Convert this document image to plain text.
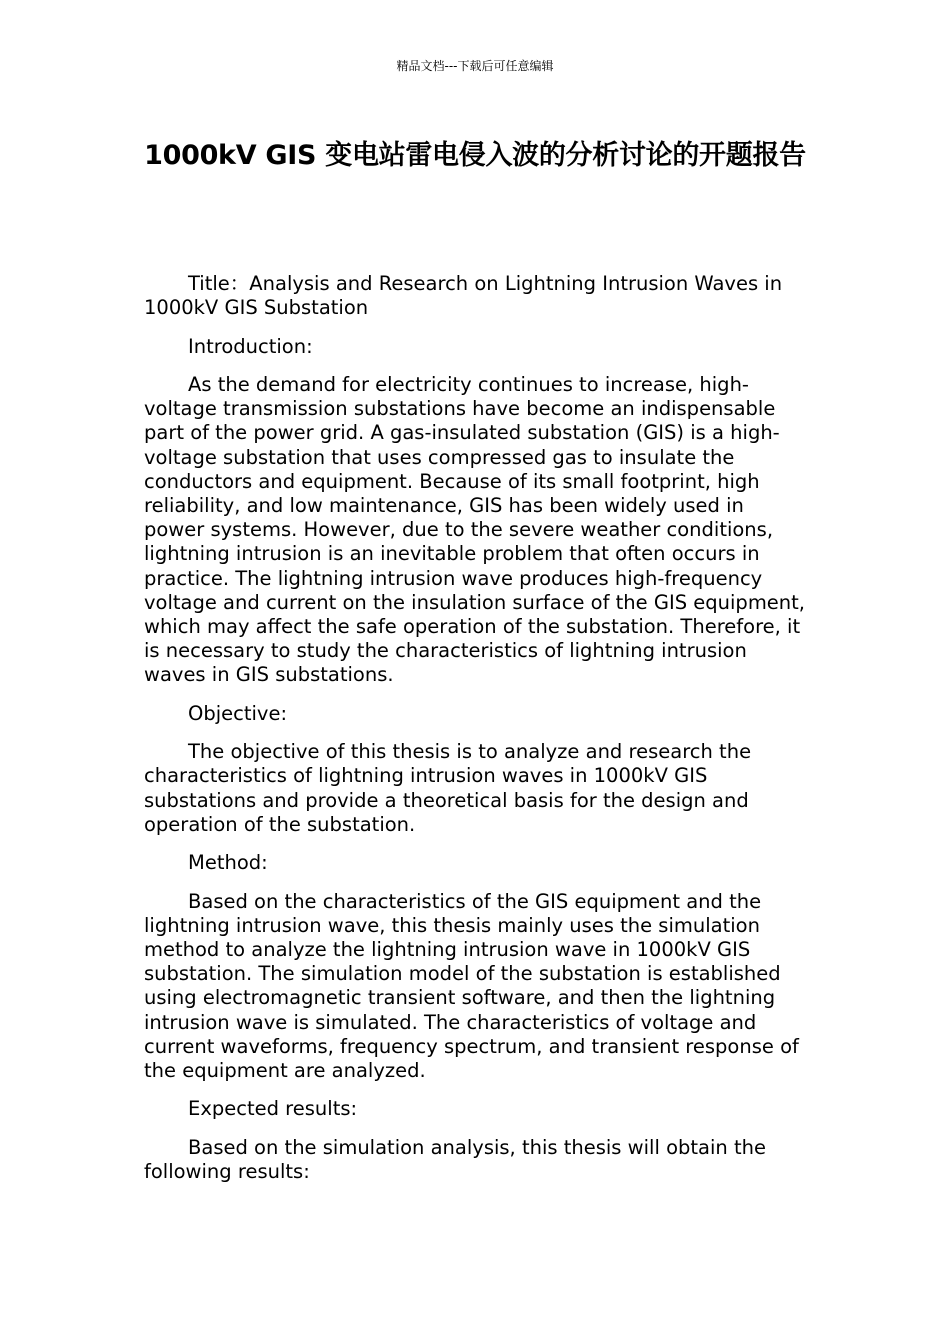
精品文档---下载后可任意编辑
1000kV GIS 变电站雷电侵入波的分析讨论的开题报告

Title：Analysis and Research on Lightning Intrusion Waves in 1000kV GIS Substation

Introduction:

As the demand for electricity continues to increase, high-voltage transmission substations have become an indispensable part of the power grid. A gas-insulated substation (GIS) is a high-voltage substation that uses compressed gas to insulate the conductors and equipment. Because of its small footprint, high reliability, and low maintenance, GIS has been widely used in power systems. However, due to the severe weather conditions, lightning intrusion is an inevitable problem that often occurs in practice. The lightning intrusion wave produces high-frequency voltage and current on the insulation surface of the GIS equipment, which may affect the safe operation of the substation. Therefore, it is necessary to study the characteristics of lightning intrusion waves in GIS substations.

Objective:

The objective of this thesis is to analyze and research the characteristics of lightning intrusion waves in 1000kV GIS substations and provide a theoretical basis for the design and operation of the substation.

Method:

Based on the characteristics of the GIS equipment and the lightning intrusion wave, this thesis mainly uses the simulation method to analyze the lightning intrusion wave in 1000kV GIS substation. The simulation model of the substation is established using electromagnetic transient software, and then the lightning intrusion wave is simulated. The characteristics of voltage and current waveforms, frequency spectrum, and transient response of the equipment are analyzed.

Expected results:

Based on the simulation analysis, this thesis will obtain the following results:
